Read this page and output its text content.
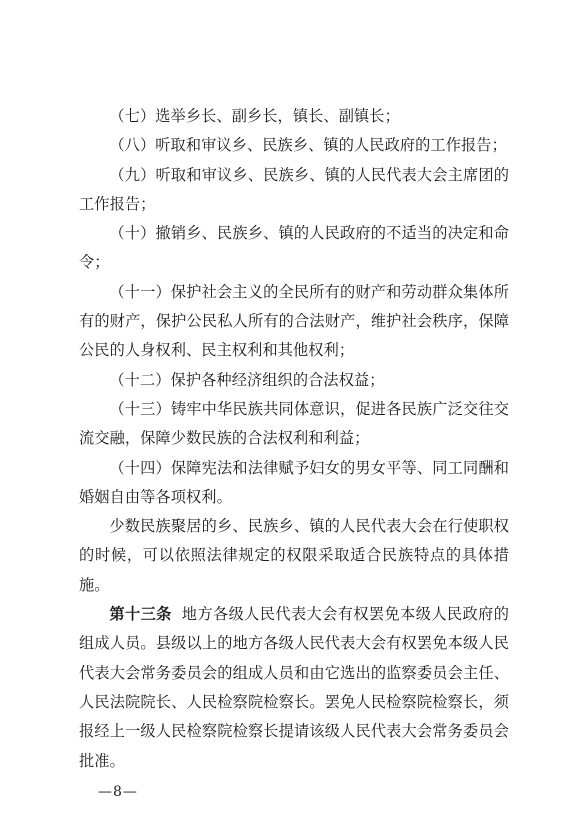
（七）选举乡长、副乡长，镇长、副镇长；

（八）听取和审议乡、民族乡、镇的人民政府的工作报告；

（九）听取和审议乡、民族乡、镇的人民代表大会主席团的工作报告；

（十）撤销乡、民族乡、镇的人民政府的不适当的决定和命令；

（十一）保护社会主义的全民所有的财产和劳动群众集体所有的财产，保护公民私人所有的合法财产，维护社会秩序，保障公民的人身权利、民主权利和其他权利；

（十二）保护各种经济组织的合法权益；

（十三）铸牢中华民族共同体意识，促进各民族广泛交往交流交融，保障少数民族的合法权利和利益；

（十四）保障宪法和法律赋予妇女的男女平等、同工同酬和婚姻自由等各项权利。

少数民族聚居的乡、民族乡、镇的人民代表大会在行使职权的时候，可以依照法律规定的权限采取适合民族特点的具体措施。

第十三条 地方各级人民代表大会有权罢免本级人民政府的组成人员。县级以上的地方各级人民代表大会有权罢免本级人民代表大会常务委员会的组成人员和由它选出的监察委员会主任、人民法院院长、人民检察院检察长。罢免人民检察院检察长，须报经上一级人民检察院检察长提请该级人民代表大会常务委员会批准。

—8—
